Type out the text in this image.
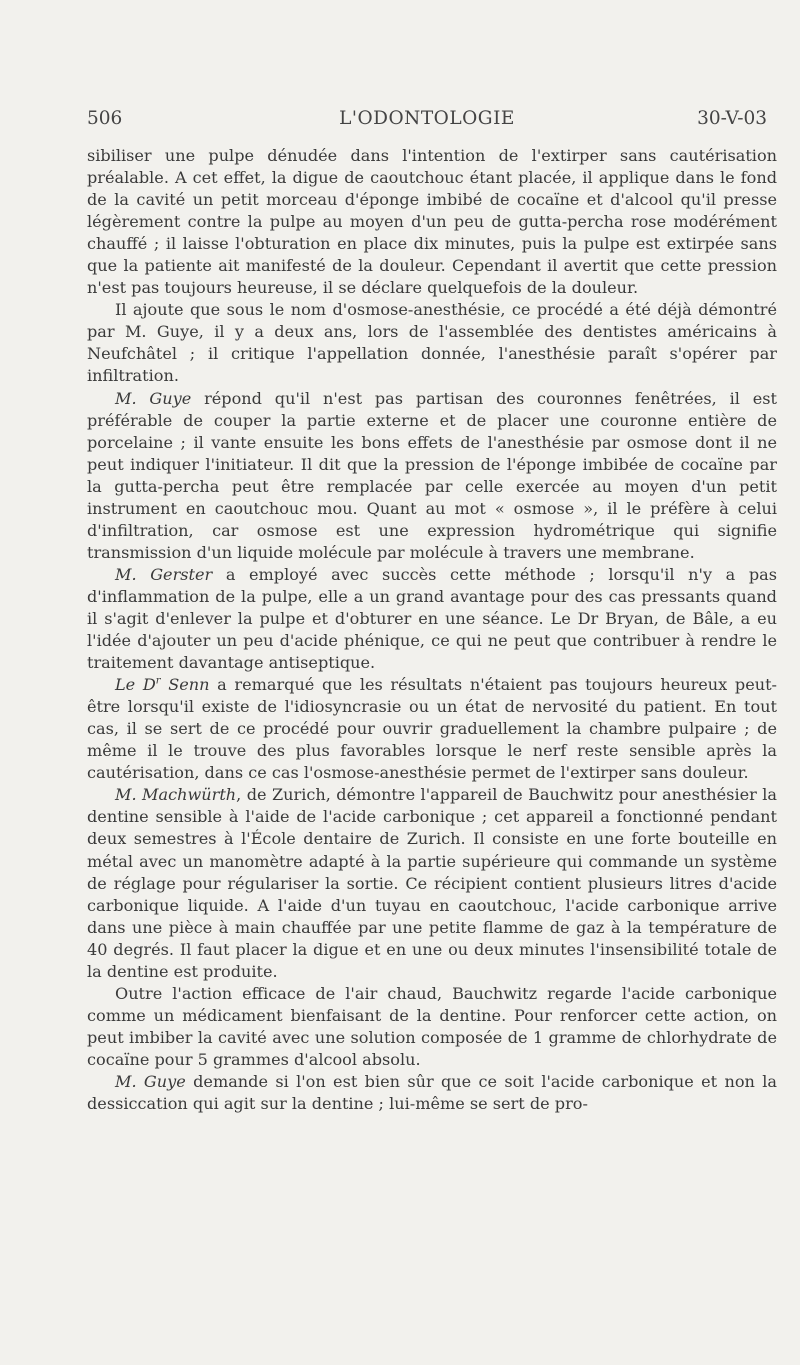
506	L'ODONTOLOGIE	30-V-03

sibiliser une pulpe dénudée dans l'intention de l'extirper sans cautérisation préalable. A cet effet, la digue de caoutchouc étant placée, il applique dans le fond de la cavité un petit morceau d'éponge imbibé de cocaïne et d'alcool qu'il presse légèrement contre la pulpe au moyen d'un peu de gutta-percha rose modérément chauffé ; il laisse l'obturation en place dix minutes, puis la pulpe est extirpée sans que la patiente ait manifesté de la douleur. Cependant il avertit que cette pression n'est pas toujours heureuse, il se déclare quelquefois de la douleur.

Il ajoute que sous le nom d'osmose-anesthésie, ce procédé a été déjà démontré par M. Guye, il y a deux ans, lors de l'assemblée des dentistes américains à Neufchâtel ; il critique l'appellation donnée, l'anesthésie paraît s'opérer par infiltration.

M. Guye répond qu'il n'est pas partisan des couronnes fenêtrées, il est préférable de couper la partie externe et de placer une couronne entière de porcelaine ; il vante ensuite les bons effets de l'anesthésie par osmose dont il ne peut indiquer l'initiateur. Il dit que la pression de l'éponge imbibée de cocaïne par la gutta-percha peut être remplacée par celle exercée au moyen d'un petit instrument en caoutchouc mou. Quant au mot « osmose », il le préfère à celui d'infiltration, car osmose est une expression hydrométrique qui signifie transmission d'un liquide molécule par molécule à travers une membrane.

M. Gerster a employé avec succès cette méthode ; lorsqu'il n'y a pas d'inflammation de la pulpe, elle a un grand avantage pour des cas pressants quand il s'agit d'enlever la pulpe et d'obturer en une séance. Le Dr Bryan, de Bâle, a eu l'idée d'ajouter un peu d'acide phénique, ce qui ne peut que contribuer à rendre le traitement davantage antiseptique.

Le $D^r$ Senn a remarqué que les résultats n'étaient pas toujours heureux peut-être lorsqu'il existe de l'idiosyncrasie ou un état de nervosité du patient. En tout cas, il se sert de ce procédé pour ouvrir graduellement la chambre pulpaire ; de même il le trouve des plus favorables lorsque le nerf reste sensible après la cautérisation, dans ce cas l'osmose-anesthésie permet de l'extirper sans douleur.

M. Machwürth, de Zurich, démontre l'appareil de Bauchwitz pour anesthésier la dentine sensible à l'aide de l'acide carbonique ; cet appareil a fonctionné pendant deux semestres à l'École dentaire de Zurich. Il consiste en une forte bouteille en métal avec un manomètre adapté à la partie supérieure qui commande un système de réglage pour régulariser la sortie. Ce récipient contient plusieurs litres d'acide carbonique liquide. A l'aide d'un tuyau en caoutchouc, l'acide carbonique arrive dans une pièce à main chauffée par une petite flamme de gaz à la température de 40 degrés. Il faut placer la digue et en une ou deux minutes l'insensibilité totale de la dentine est produite.

Outre l'action efficace de l'air chaud, Bauchwitz regarde l'acide carbonique comme un médicament bienfaisant de la dentine. Pour renforcer cette action, on peut imbiber la cavité avec une solution composée de 1 gramme de chlorhydrate de cocaïne pour 5 grammes d'alcool absolu.

M. Guye demande si l'on est bien sûr que ce soit l'acide carbonique et non la dessiccation qui agit sur la dentine ; lui-même se sert de pro-
